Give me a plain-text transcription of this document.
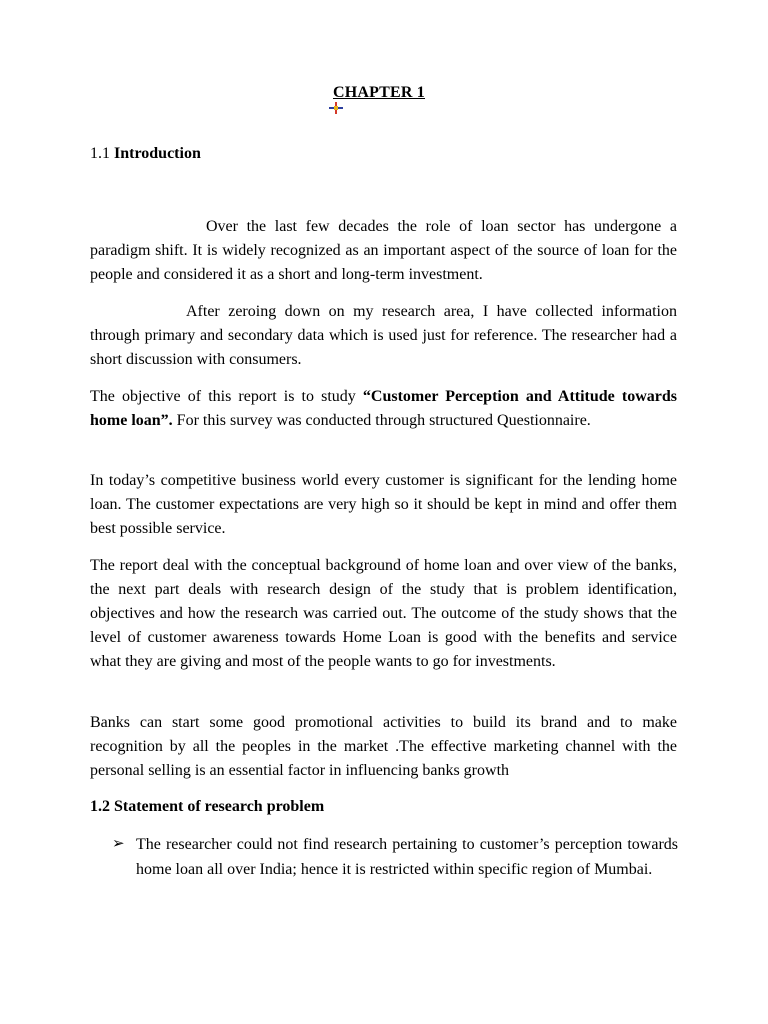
CHAPTER 1
1.1 Introduction

Over the last few decades the role of loan sector has undergone a paradigm shift. It is widely recognized as an important aspect of the source of loan for the people and considered it as a short and long-term investment.

After zeroing down on my research area, I have collected information through primary and secondary data which is used just for reference. The researcher had a short discussion with consumers.

The objective of this report is to study “Customer Perception and Attitude towards home loan”. For this survey was conducted through structured Questionnaire.

In today’s competitive business world every customer is significant for the lending home loan. The customer expectations are very high so it should be kept in mind and offer them best possible service.

The report deal with the conceptual background of home loan and over view of the banks, the next part deals with research design of the study that is problem identification, objectives and how the research was carried out. The outcome of the study shows that the level of customer awareness towards Home Loan is good with the benefits and service what they are giving and most of the people wants to go for investments.

Banks can start some good promotional activities to build its brand and to make recognition by all the peoples in the market .The effective marketing channel with the personal selling is an essential factor in influencing banks growth

1.2 Statement of research problem
➢ The researcher could not find research pertaining to customer’s perception towards home loan all over India; hence it is restricted within specific region of Mumbai.
